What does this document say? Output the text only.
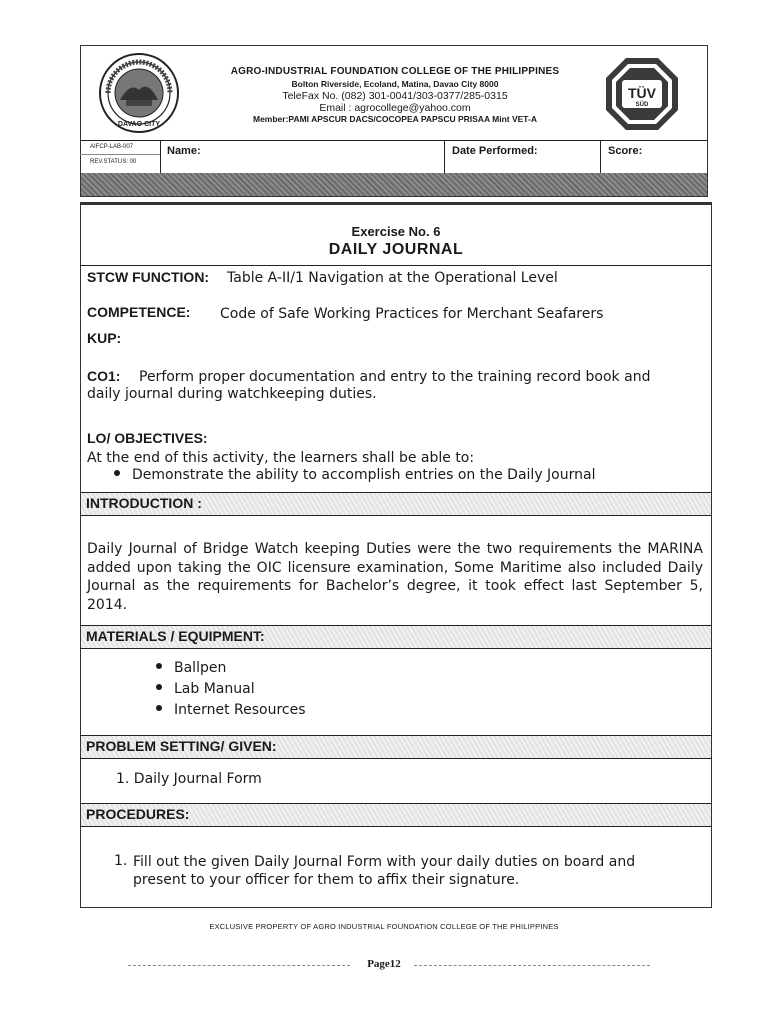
DAVAO CITY
TÜV
SÜD
AGRO-INDUSTRIAL FOUNDATION COLLEGE OF THE PHILIPPINES
Bolton Riverside, Ecoland, Matina, Davao City 8000
TeleFax No. (082) 301-0041/303-0377/285-0315
Email : agrocollege@yahoo.com
Member:PAMI APSCUR DACS/COCOPEA PAPSCU PRISAA Mint VET-A
AIFCP-LAB-007
REV.STATUS: 00
Name:	Date Performed:	Score:
Exercise No. 6
DAILY JOURNAL
STCW FUNCTION: Table A-II/1 Navigation at the Operational Level
COMPETENCE: Code of Safe Working Practices for Merchant Seafarers
KUP:
CO1: Perform proper documentation and entry to the training record book and
daily journal during watchkeeping duties.
LO/ OBJECTIVES:
At the end of this activity, the learners shall be able to:
Demonstrate the ability to accomplish entries on the Daily Journal
INTRODUCTION :
Daily Journal of Bridge Watch keeping Duties were the two requirements the MARINA added upon taking the OIC licensure examination, Some Maritime also included Daily Journal as the requirements for Bachelor’s degree, it took effect last September 5, 2014.
MATERIALS / EQUIPMENT:
Ballpen
Lab Manual
Internet Resources
PROBLEM SETTING/ GIVEN:
1. Daily Journal Form
PROCEDURES:
1. Fill out the given Daily Journal Form with your daily duties on board and
present to your officer for them to affix their signature.
EXCLUSIVE PROPERTY OF AGRO INDUSTRIAL FOUNDATION COLLEGE OF THE PHILIPPINES
Page12
